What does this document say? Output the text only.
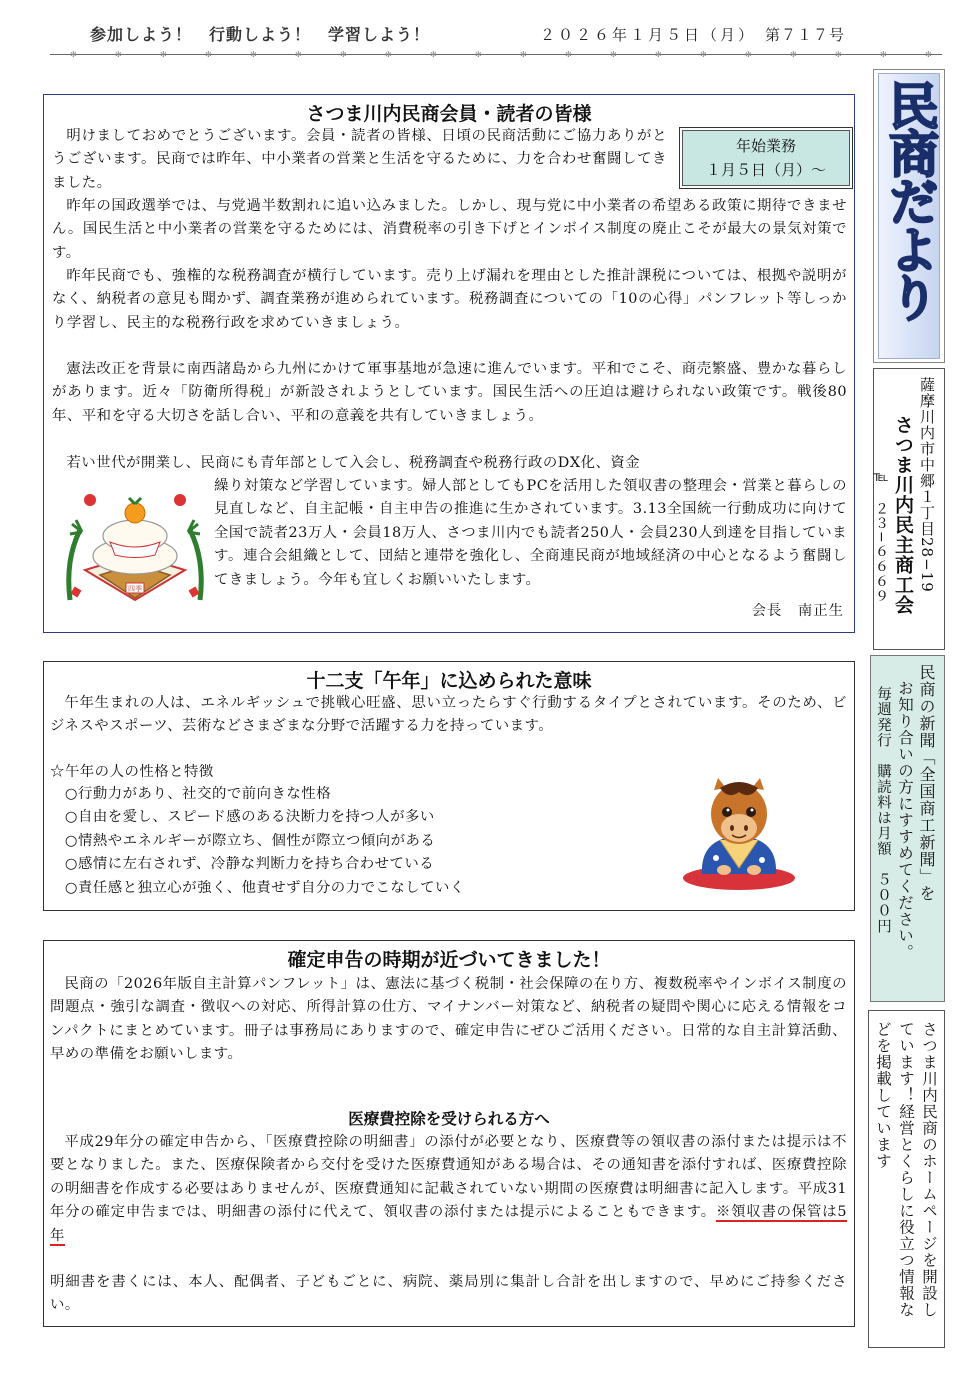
参加しよう！　行動しよう！　学習しよう！	２０２６年１月５日（月） 第７１７号
✻	✻	✻	✻	✻	✻	✻	✻	✻	✻	✻	✻	✻	✻	✻	✻	✻	✻	✻	✻
さつま川内民商会員・読者の皆様
年始業務
１月５日（月）〜

明けましておめでとうございます。会員・読者の皆様、日頃の民商活動にご協力ありがとうございます。民商では昨年、中小業者の営業と生活を守るために、力を合わせ奮闘してきました。

昨年の国政選挙では、与党過半数割れに追い込みました。しかし、現与党に中小業者の希望ある政策に期待できません。国民生活と中小業者の営業を守るためには、消費税率の引き下げとインボイス制度の廃止こそが最大の景気対策です。

昨年民商でも、強権的な税務調査が横行しています。売り上げ漏れを理由とした推計課税については、根拠や説明がなく、納税者の意見も聞かず、調査業務が進められています。税務調査についての「10の心得」パンフレット等しっかり学習し、民主的な税務行政を求めていきましょう。

憲法改正を背景に南西諸島から九州にかけて軍事基地が急速に進んでいます。平和でこそ、商売繁盛、豊かな暮らしがあります。近々「防衛所得税」が新設されようとしています。国民生活への圧迫は避けられない政策です。戦後80年、平和を守る大切さを話し合い、平和の意義を共有していきましょう。

若い世代が開業し、民商にも青年部として入会し、税務調査や税務行政のDX化、資金

繰り対策など学習しています。婦人部としてもPCを活用した領収書の整理会・営業と暮らしの見直しなど、自主記帳・自主申告の推進に生かされています。3.13全国統一行動成功に向けて全国で読者23万人・会員18万人、さつま川内でも読者250人・会員230人到達を目指しています。連合会組織として、団結と連帯を強化し、全商連民商が地域経済の中心となるよう奮闘してきましょう。今年も宜しくお願いいたします。

会長　南正生
四季
民商だより
薩摩川内市中郷１丁目28−19
さつま川内民主商工会
℡　２３−６６６９
民商の新聞「全国商工新聞」を
お知り合いの方にすすめてください。
毎週発行　購読料は月額　５００円
さつま川内民商のホームページを開設し
ています！経営とくらしに役立つ情報な
どを掲載しています
十二支「午年」に込められた意味

午年生まれの人は、エネルギッシュで挑戦心旺盛、思い立ったらすぐ行動するタイプとされています。そのため、ビジネスやスポーツ、芸術などさまざまな分野で活躍する力を持っています。

☆午年の人の性格と特徴
　○行動力があり、社交的で前向きな性格
　○自由を愛し、スピード感のある決断力を持つ人が多い
　○情熱やエネルギーが際立ち、個性が際立つ傾向がある
　○感情に左右されず、冷静な判断力を持ち合わせている
　○責任感と独立心が強く、他責せず自分の力でこなしていく
確定申告の時期が近づいてきました！

民商の「2026年版自主計算パンフレット」は、憲法に基づく税制・社会保障の在り方、複数税率やインボイス制度の問題点・強引な調査・徴収への対応、所得計算の仕方、マイナンバー対策など、納税者の疑問や関心に応える情報をコンパクトにまとめています。冊子は事務局にありますので、確定申告にぜひご活用ください。日常的な自主計算活動、早めの準備をお願いします。

医療費控除を受けられる方へ

平成29年分の確定申告から、「医療費控除の明細書」の添付が必要となり、医療費等の領収書の添付または提示は不要となりました。また、医療保険者から交付を受けた医療費通知がある場合は、その通知書を添付すれば、医療費控除の明細書を作成する必要はありませんが、医療費通知に記載されていない期間の医療費は明細書に記入します。平成31年分の確定申告までは、明細書の添付に代えて、領収書の添付または提示によることもできます。※領収書の保管は5年

明細書を書くには、本人、配偶者、子どもごとに、病院、薬局別に集計し合計を出しますので、早めにご持参ください。
